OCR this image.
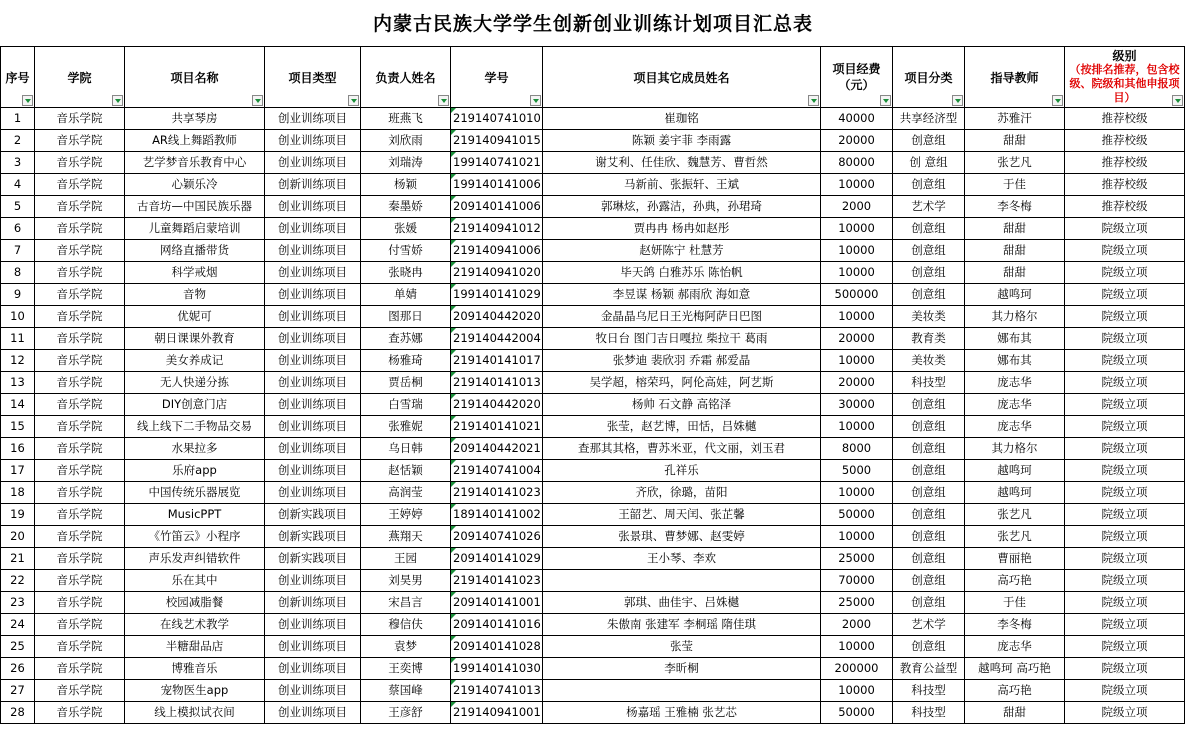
内蒙古民族大学学生创新创业训练计划项目汇总表
序号	学院	项目名称	项目类型	负责人姓名	学号	项目其它成员姓名	项目经费（元）	项目分类	指导教师	级别
（按排名推荐，包含校级、院级和其他申报项目）

1	音乐学院	共享琴房	创业训练项目	班燕飞	219140741010	崔珈铭	40000	共享经济型	苏雅汗	推荐校级
2	音乐学院	AR线上舞蹈教师	创业训练项目	刘欣雨	219140941015	陈颖 姜宇菲 李雨露	20000	创意组	甜甜	推荐校级
3	音乐学院	艺学梦音乐教育中心	创业训练项目	刘瑞涛	199140741021	谢艾利、任佳欣、魏慧芳、曹哲然	80000	创 意组	张艺凡	推荐校级
4	音乐学院	心颖乐冷	创新训练项目	杨颖	199140141006	马新前、张振轩、王斌	10000	创意组	于佳	推荐校级
5	音乐学院	古音坊—中国民族乐器	创业训练项目	秦墨娇	209140141006	郭琳炫，孙露洁，孙典，孙珺琦	2000	艺术学	李冬梅	推荐校级
6	音乐学院	儿童舞蹈启蒙培训	创业训练项目	张媛	219140941012	贾冉冉 杨冉如赵彤	10000	创意组	甜甜	院级立项
7	音乐学院	网络直播带货	创业训练项目	付雪娇	219140941006	赵妍陈宁 杜慧芳	10000	创意组	甜甜	院级立项
8	音乐学院	科学戒烟	创业训练项目	张晓冉	219140941020	毕天鸽 白雅苏乐 陈怡帆	10000	创意组	甜甜	院级立项
9	音乐学院	音物	创业训练项目	单婧	199140141029	李昱谋 杨颖 郝雨欣 海如意	500000	创意组	越鸣珂	院级立项
10	音乐学院	优妮可	创业训练项目	图那日	209140442020	金晶晶乌尼日王光梅阿萨日巴图	10000	美妆类	其力格尔	院级立项
11	音乐学院	朝日课课外教育	创业训练项目	查苏娜	219140442004	牧日台 图门吉日嘎拉 柴拉干 葛雨	20000	教育类	娜布其	院级立项
12	音乐学院	美女养成记	创业训练项目	杨雅琦	219140141017	张梦迪 裴欣羽 乔霜 郝爱晶	10000	美妆类	娜布其	院级立项
13	音乐学院	无人快递分拣	创业训练项目	贾岳桐	219140141013	吴学超，榕荣玛，阿伦高娃，阿艺斯	20000	科技型	庞志华	院级立项
14	音乐学院	DIY创意门店	创业训练项目	白雪瑞	219140442020	杨帅 石文静 高铭泽	30000	创意组	庞志华	院级立项
15	音乐学院	线上线下二手物品交易	创业训练项目	张雅妮	219140141021	张莹，赵艺博，田恬，吕姝樾	10000	创意组	庞志华	院级立项
16	音乐学院	水果拉多	创业训练项目	乌日韩	209140442021	查那其其格，曹苏米亚，代文丽，刘玉君	8000	创意组	其力格尔	院级立项
17	音乐学院	乐府app	创业训练项目	赵恬颖	219140741004	孔祥乐	5000	创意组	越鸣珂	院级立项
18	音乐学院	中国传统乐器展览	创业训练项目	高润莹	219140141023	齐欣，徐璐，苗阳	10000	创意组	越鸣珂	院级立项
19	音乐学院	MusicPPT	创新实践项目	王婷婷	189140141002	王韶艺、周天闰、张芷馨	50000	创意组	张艺凡	院级立项
20	音乐学院	《竹笛云》小程序	创新实践项目	燕翔天	209140741026	张景琪、曹梦娜、赵雯婷	10000	创意组	张艺凡	院级立项
21	音乐学院	声乐发声纠错软件	创新实践项目	王园	209140141029	王小琴、李欢	25000	创意组	曹丽艳	院级立项
22	音乐学院	乐在其中	创业训练项目	刘昊男	219140141023		70000	创意组	高巧艳	院级立项
23	音乐学院	校园减脂餐	创新训练项目	宋昌言	209140141001	郭琪、曲佳宇、吕姝樾	25000	创意组	于佳	院级立项
24	音乐学院	在线艺术教学	创业训练项目	穆信伕	209140141016	朱傲南 张建军 李桐瑶 隋佳琪	2000	艺术学	李冬梅	院级立项
25	音乐学院	半糖甜品店	创业训练项目	袁梦	209140141028	张莹	10000	创意组	庞志华	院级立项
26	音乐学院	博雅音乐	创业训练项目	王奕博	199140141030	李昕桐	200000	教育公益型	越鸣珂 高巧艳	院级立项
27	音乐学院	宠物医生app	创业训练项目	蔡国峰	219140741013		10000	科技型	高巧艳	院级立项
28	音乐学院	线上模拟试衣间	创业训练项目	王彦舒	219140941001	杨嘉瑶 王雅楠 张艺芯	50000	科技型	甜甜	院级立项
